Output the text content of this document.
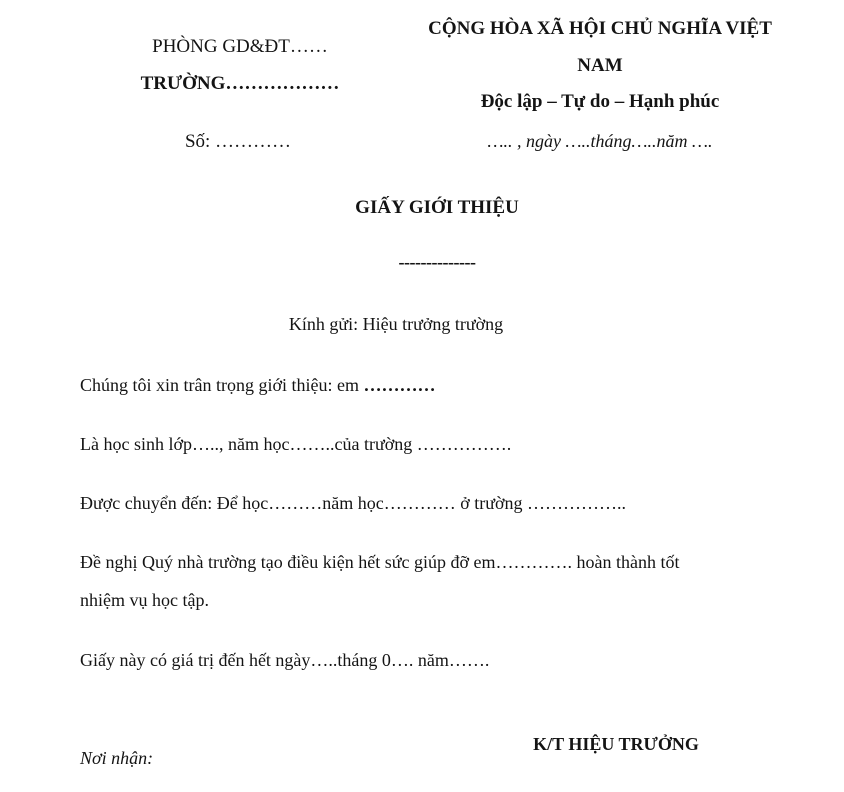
PHÒNG GD&ĐT……
TRƯỜNG………………
Số: …………
CỘNG HÒA XÃ HỘI CHỦ NGHĨA VIỆT
NAM
Độc lập – Tự do – Hạnh phúc
….. , ngày …..tháng…..năm ….
GIẤY GIỚI THIỆU
--------------
Kính gửi: Hiệu trưởng trường
Chúng tôi xin trân trọng giới thiệu: em …………
Là học sinh lớp….., năm học……..của trường …………….
Được chuyển đến: Để học………năm học………… ở trường ……………..
Đề nghị Quý nhà trường tạo điều kiện hết sức giúp đỡ em…………. hoàn thành tốt
nhiệm vụ học tập.
Giấy này có giá trị đến hết ngày…..tháng 0…. năm…….
Nơi nhận:
K/T HIỆU TRƯỞNG
